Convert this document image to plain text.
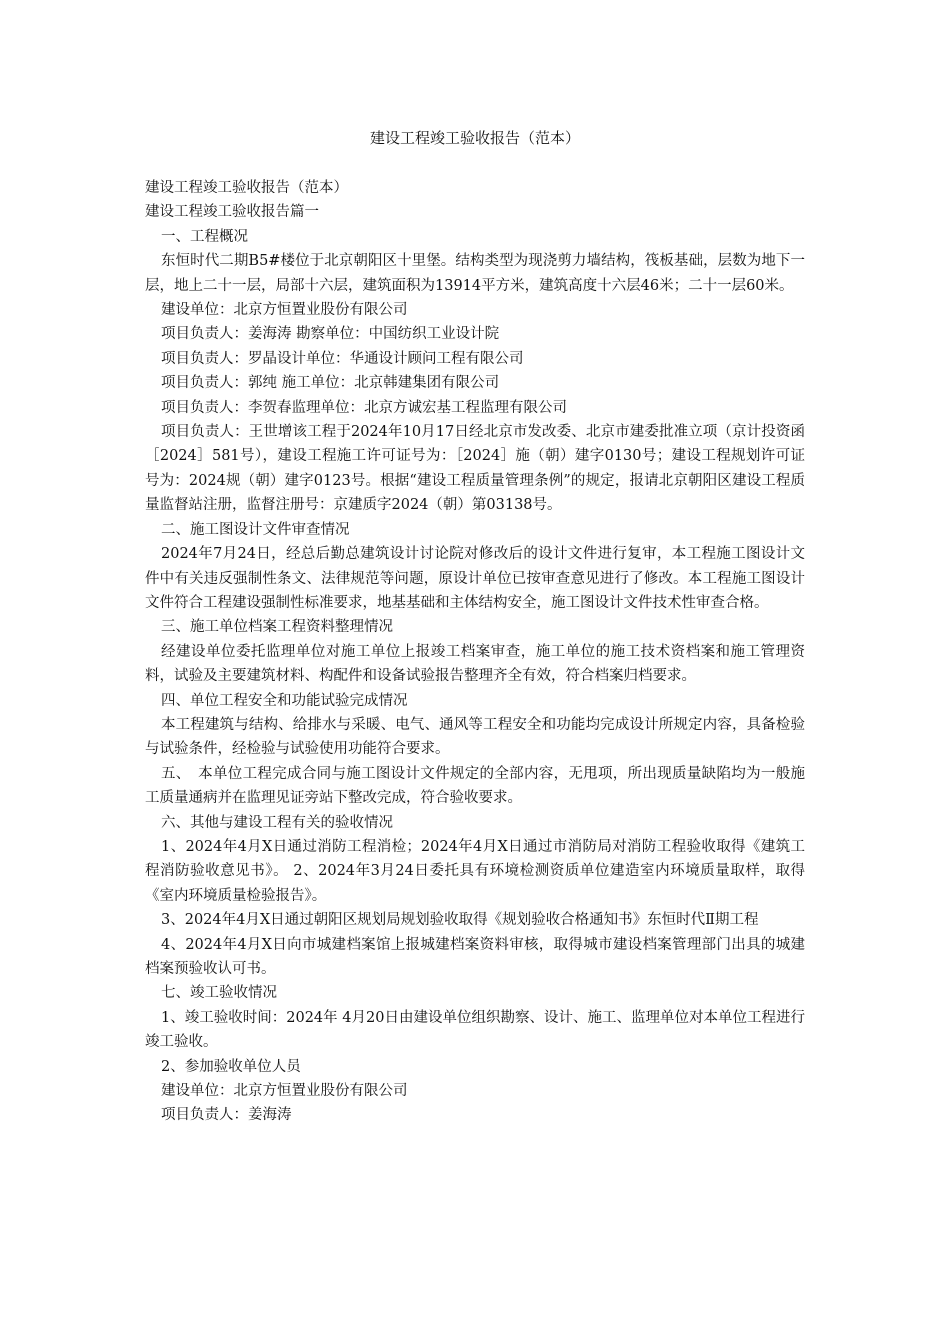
建设工程竣工验收报告（范本）

建设工程竣工验收报告（范本）

建设工程竣工验收报告篇一

一、工程概况

东恒时代二期B5#楼位于北京朝阳区十里堡。结构类型为现浇剪力墙结构，筏板基础，层数为地下一层，地上二十一层，局部十六层，建筑面积为13914平方米，建筑高度十六层46米；二十一层60米。

建设单位：北京方恒置业股份有限公司

项目负责人：姜海涛 勘察单位：中国纺织工业设计院

项目负责人：罗晶设计单位：华通设计顾问工程有限公司

项目负责人：郭纯 施工单位：北京韩建集团有限公司

项目负责人：李贺春监理单位：北京方诚宏基工程监理有限公司

项目负责人：王世增该工程于2024年10月17日经北京市发改委、北京市建委批准立项（京计投资函［2024］581号），建设工程施工许可证号为：［2024］施（朝）建字0130号；建设工程规划许可证号为：2024规（朝）建字0123号。根据“建设工程质量管理条例”的规定，报请北京朝阳区建设工程质量监督站注册，监督注册号：京建质字2024（朝）第03138号。

二、施工图设计文件审查情况

2024年7月24日，经总后勤总建筑设计讨论院对修改后的设计文件进行复审，本工程施工图设计文件中有关违反强制性条文、法律规范等问题，原设计单位已按审查意见进行了修改。本工程施工图设计文件符合工程建设强制性标准要求，地基基础和主体结构安全，施工图设计文件技术性审查合格。

三、施工单位档案工程资料整理情况

经建设单位委托监理单位对施工单位上报竣工档案审查，施工单位的施工技术资档案和施工管理资料，试验及主要建筑材料、构配件和设备试验报告整理齐全有效，符合档案归档要求。

四、单位工程安全和功能试验完成情况

本工程建筑与结构、给排水与采暖、电气、通风等工程安全和功能均完成设计所规定内容，具备检验与试验条件，经检验与试验使用功能符合要求。

五、　本单位工程完成合同与施工图设计文件规定的全部内容，无甩项，所出现质量缺陷均为一般施工质量通病并在监理见证旁站下整改完成，符合验收要求。

六、其他与建设工程有关的验收情况

1、2024年4月X日通过消防工程消检；2024年4月X日通过市消防局对消防工程验收取得《建筑工程消防验收意见书》。 2、2024年3月24日委托具有环境检测资质单位建造室内环境质量取样，取得《室内环境质量检验报告》。

3、2024年4月X日通过朝阳区规划局规划验收取得《规划验收合格通知书》东恒时代Ⅱ期工程

4、2024年4月X日向市城建档案馆上报城建档案资料审核，取得城市建设档案管理部门出具的城建档案预验收认可书。

七、竣工验收情况

1、竣工验收时间：2024年 4月20日由建设单位组织勘察、设计、施工、监理单位对本单位工程进行竣工验收。

2、参加验收单位人员

建设单位：北京方恒置业股份有限公司

项目负责人：姜海涛
